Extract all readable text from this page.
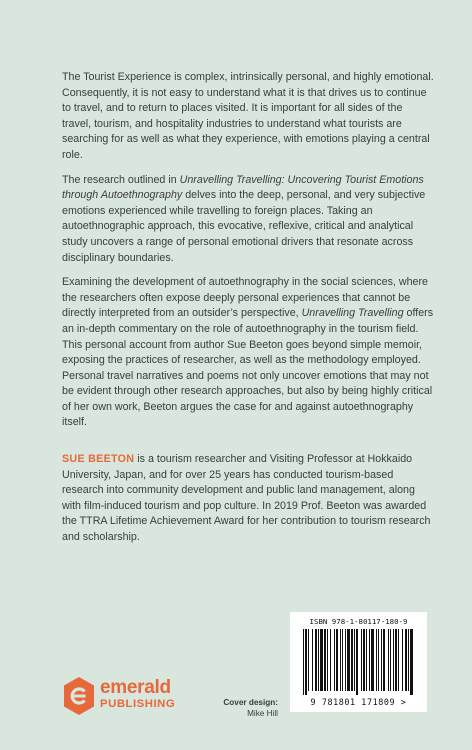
The Tourist Experience is complex, intrinsically personal, and highly emotional. Consequently, it is not easy to understand what it is that drives us to continue to travel, and to return to places visited. It is important for all sides of the travel, tourism, and hospitality industries to understand what tourists are searching for as well as what they experience, with emotions playing a central role.

The research outlined in Unravelling Travelling: Uncovering Tourist Emotions through Autoethnography delves into the deep, personal, and very subjective emotions experienced while travelling to foreign places. Taking an autoethnographic approach, this evocative, reflexive, critical and analytical study uncovers a range of personal emotional drivers that resonate across disciplinary boundaries.

Examining the development of autoethnography in the social sciences, where the researchers often expose deeply personal experiences that cannot be directly interpreted from an outsider’s perspective, Unravelling Travelling offers an in-depth commentary on the role of autoethnography in the tourism field. This personal account from author Sue Beeton goes beyond simple memoir, exposing the practices of researcher, as well as the methodology employed. Personal travel narratives and poems not only uncover emotions that may not be evident through other research approaches, but also by being highly critical of her own work, Beeton argues the case for and against autoethnography itself.

SUE BEETON is a tourism researcher and Visiting Professor at Hokkaido University, Japan, and for over 25 years has conducted tourism-based research into community development and public land management, along with film-induced tourism and pop culture. In 2019 Prof. Beeton was awarded the TTRA Lifetime Achievement Award for her contribution to tourism research and scholarship.

ISBN 978-1-80117-180-9
9 781801 171809 >
emerald
PUBLISHING	Cover design:
Mike Hill
